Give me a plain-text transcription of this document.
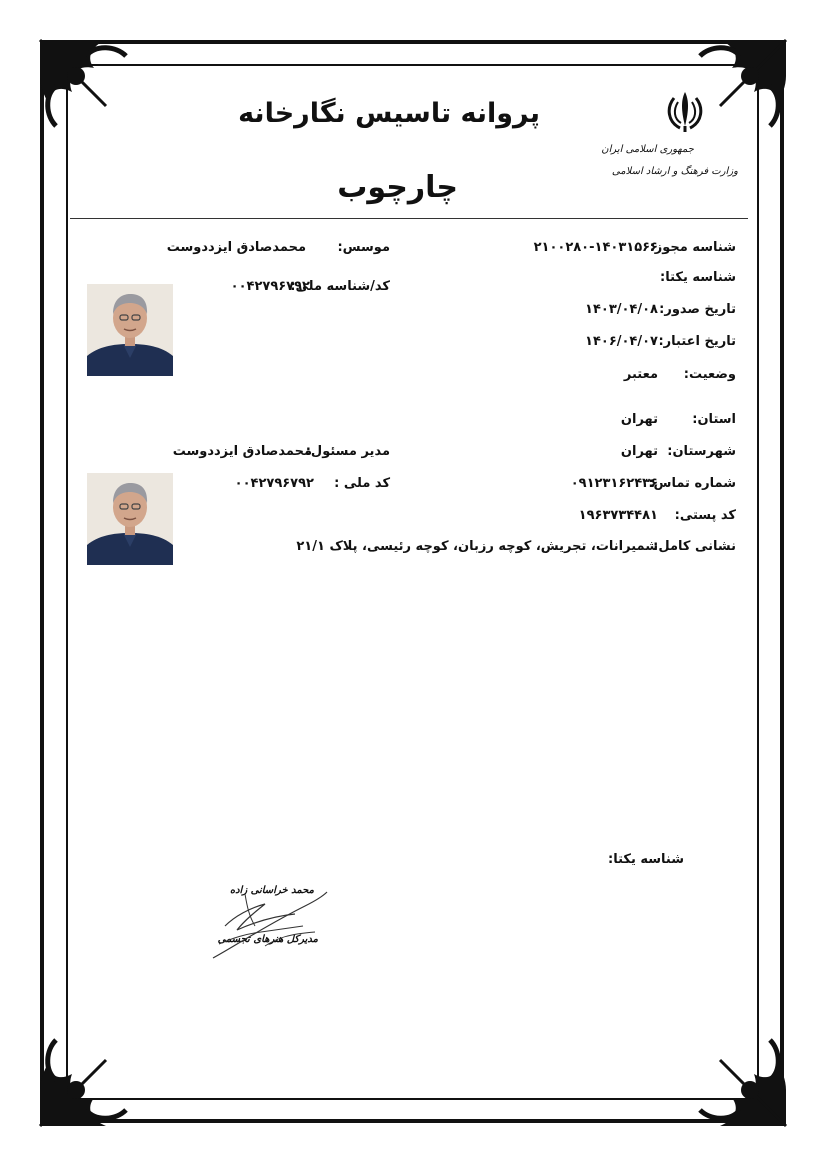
پروانه تاسیس نگارخانه
چارچوب
جمهوری اسلامی ایران
وزارت فرهنگ و ارشاد اسلامی
شناسه مجوز:
۲۱۰۰۲۸۰-۱۴۰۳۱۵۶۶
شناسه یکتا:
تاریخ صدور:
۱۴۰۳/۰۴/۰۸
تاریخ اعتبار:
۱۴۰۶/۰۴/۰۷
وضعیت:
معتبر
استان:
تهران
شهرستان:
تهران
شماره تماس:
۰۹۱۲۳۱۶۲۴۳۶
کد پستی:
۱۹۶۳۷۳۴۴۸۱
نشانی کامل:
شمیرانات، تجریش، کوچه رزبان، کوچه رئیسی، پلاک ۲۱/۱
موسس:
محمدصادق ایزددوست
کد/شناسه ملی:
۰۰۴۲۷۹۶۷۹۲
مدیر مسئول:
محمدصادق ایزددوست
کد ملی :
۰۰۴۲۷۹۶۷۹۲
شناسه یکتا:
محمد خراسانی زاده
مدیرکل هنرهای تجسمی
